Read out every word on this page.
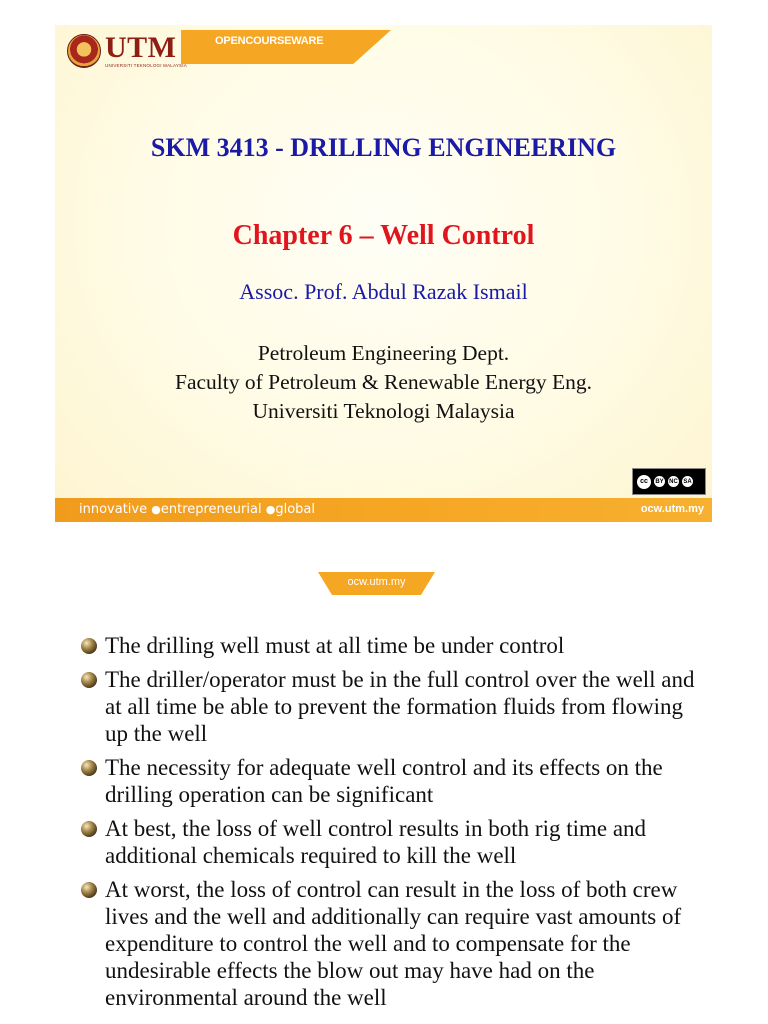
OPENCOURSEWARE
UTM
UNIVERSITI TEKNOLOGI MALAYSIA
SKM 3413 - DRILLING ENGINEERING
Chapter 6 – Well Control
Assoc. Prof. Abdul Razak Ismail
Petroleum Engineering Dept.
Faculty of Petroleum & Renewable Energy Eng.
Universiti Teknologi Malaysia
cc	BY NC SA
innovative ●entrepreneurial ●global	ocw.utm.my
ocw.utm.my
The drilling well must at all time be under control
The driller/operator must be in the full control over the well and at all time be able to prevent the formation fluids from flowing up the well
The necessity for adequate well control and its effects on the drilling operation can be significant
At best, the loss of well control results in both rig time and additional chemicals required to kill the well
At worst, the loss of control can result in the loss of both crew lives and the well and additionally can require vast amounts of expenditure to control the well and to compensate for the undesirable effects the blow out may have had on the environmental around the well
